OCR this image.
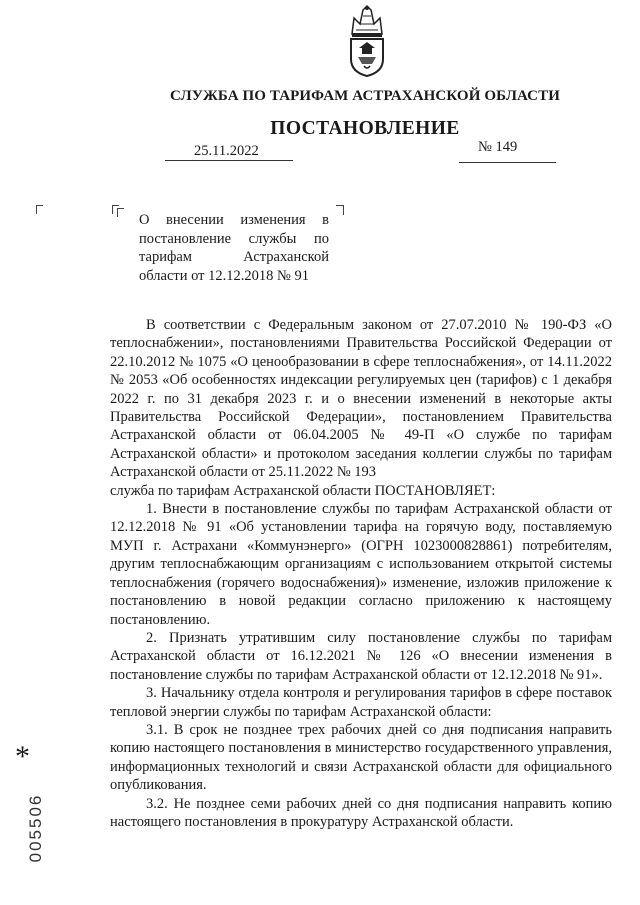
СЛУЖБА ПО ТАРИФАМ АСТРАХАНСКОЙ ОБЛАСТИ
ПОСТАНОВЛЕНИЕ
25.11.2022	№ 149
О внесении изменения в
постановление службы по
тарифам Астраханской
области от 12.12.2018 № 91

В соответствии с Федеральным законом от 27.07.2010 № 190-ФЗ «О теплоснабжении», постановлениями Правительства Российской Федерации от 22.10.2012 № 1075 «О ценообразовании в сфере теплоснабжения», от 14.11.2022 № 2053 «Об особенностях индексации регулируемых цен (тарифов) с 1 декабря 2022 г. по 31 декабря 2023 г. и о внесении изменений в некоторые акты Правительства Российской Федерации», постановлением Правительства Астраханской области от 06.04.2005 № 49-П «О службе по тарифам Астраханской области» и протоколом заседания коллегии службы по тарифам Астраханской области от 25.11.2022 № 193

служба по тарифам Астраханской области ПОСТАНОВЛЯЕТ:

1. Внести в постановление службы по тарифам Астраханской области от 12.12.2018 № 91 «Об установлении тарифа на горячую воду, поставляемую МУП г. Астрахани «Коммунэнерго» (ОГРН 1023000828861) потребителям, другим теплоснабжающим организациям с использованием открытой системы теплоснабжения (горячего водоснабжения)» изменение, изложив приложение к постановлению в новой редакции согласно приложению к настоящему постановлению.

2. Признать утратившим силу постановление службы по тарифам Астраханской области от 16.12.2021 № 126 «О внесении изменения в постановление службы по тарифам Астраханской области от 12.12.2018 № 91».

3. Начальнику отдела контроля и регулирования тарифов в сфере поставок тепловой энергии службы по тарифам Астраханской области:

3.1. В срок не позднее трех рабочих дней со дня подписания направить копию настоящего постановления в министерство государственного управления, информационных технологий и связи Астраханской области для официального опубликования.

3.2. Не позднее семи рабочих дней со дня подписания направить копию настоящего постановления в прокуратуру Астраханской области.

*
005506
